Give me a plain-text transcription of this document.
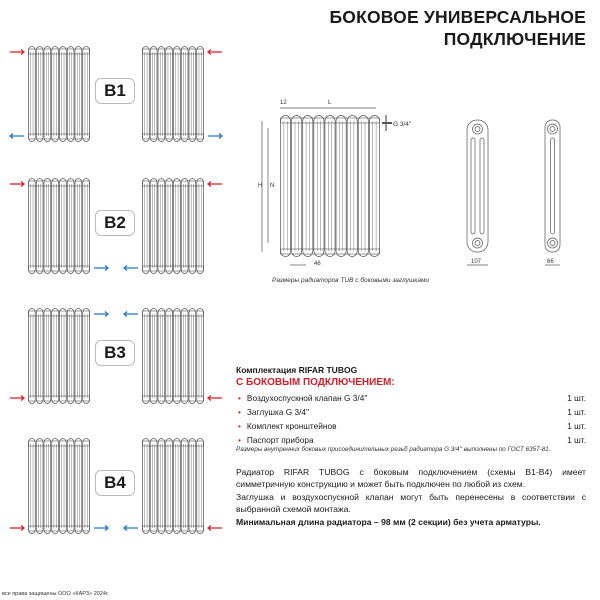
БОКОВОЕ УНИВЕРСАЛЬНОЕ
ПОДКЛЮЧЕНИЕ
B1
B2
B3
B4
12	L
H N
46
G 3/4''
107	66
Размеры радиаторов TUB с боковыми заглушками
Комплектация RIFAR TUBOG
С БОКОВЫМ ПОДКЛЮЧЕНИЕМ:
• Воздухоспускной клапан G 3/4''	1 шт.
• Заглушка G 3/4''	1 шт.
• Комплект кронштейнов	1 шт.
• Паспорт прибора	1 шт.
Размеры внутренних боковых присоединительных резьб радиатора G 3/4'' выполнены по ГОСТ 6357-81.

Радиатор RIFAR TUBOG с боковым подключением (схемы В1-В4) имеет симметричную конструкцию и может быть подключен по любой из схем.

Заглушка и воздухоспускной клапан могут быть перенесены в соответствии с выбранной схемой монтажа.

Минимальная длина радиатора – 98 мм (2 секции) без учета арматуры.

все права защищены ООО «КАРЗ» 2024г.
